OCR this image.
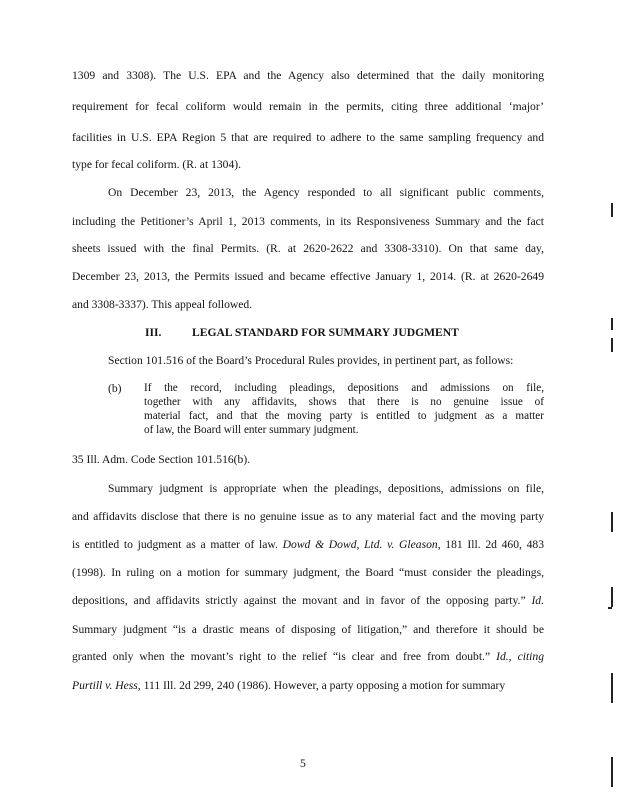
1309 and 3308). The U.S. EPA and the Agency also determined that the daily monitoring
requirement for fecal coliform would remain in the permits, citing three additional ‘major’
facilities in U.S. EPA Region 5 that are required to adhere to the same sampling frequency and
type for fecal coliform. (R. at 1304).
On December 23, 2013, the Agency responded to all significant public comments,
including the Petitioner’s April 1, 2013 comments, in its Responsiveness Summary and the fact
sheets issued with the final Permits. (R. at 2620-2622 and 3308-3310). On that same day,
December 23, 2013, the Permits issued and became effective January 1, 2014. (R. at 2620-2649
and 3308-3337). This appeal followed.
III.	LEGAL STANDARD FOR SUMMARY JUDGMENT
Section 101.516 of the Board’s Procedural Rules provides, in pertinent part, as follows:
(b) If the record, including pleadings, depositions and admissions on file,
together with any affidavits, shows that there is no genuine issue of
material fact, and that the moving party is entitled to judgment as a matter
of law, the Board will enter summary judgment.
35 Ill. Adm. Code Section 101.516(b).
Summary judgment is appropriate when the pleadings, depositions, admissions on file,
and affidavits disclose that there is no genuine issue as to any material fact and the moving party
is entitled to judgment as a matter of law. Dowd & Dowd, Ltd. v. Gleason, 181 Ill. 2d 460, 483
(1998). In ruling on a motion for summary judgment, the Board “must consider the pleadings,
depositions, and affidavits strictly against the movant and in favor of the opposing party.” Id.
Summary judgment “is a drastic means of disposing of litigation,” and therefore it should be
granted only when the movant’s right to the relief “is clear and free from doubt.” Id., citing
Purtill v. Hess, 111 Ill. 2d 299, 240 (1986). However, a party opposing a motion for summary
5
